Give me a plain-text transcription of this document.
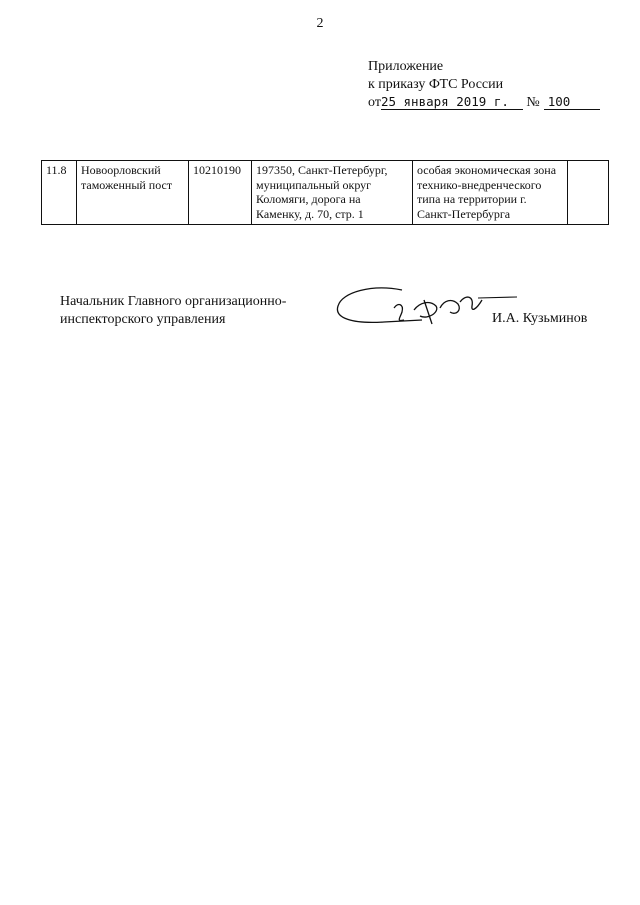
2
Приложение
к приказу ФТС России
от25 января 2019 г. № 100
11.8	Новоорловский таможенный пост	10210190	197350, Санкт-Петербург, муниципальный округ Коломяги, дорога на Каменку, д. 70, стр. 1	особая экономическая зона технико-внедренческого типа на территории г. Санкт-Петербурга	
Начальник Главного организационно-
инспекторского управления	И.А. Кузьминов
